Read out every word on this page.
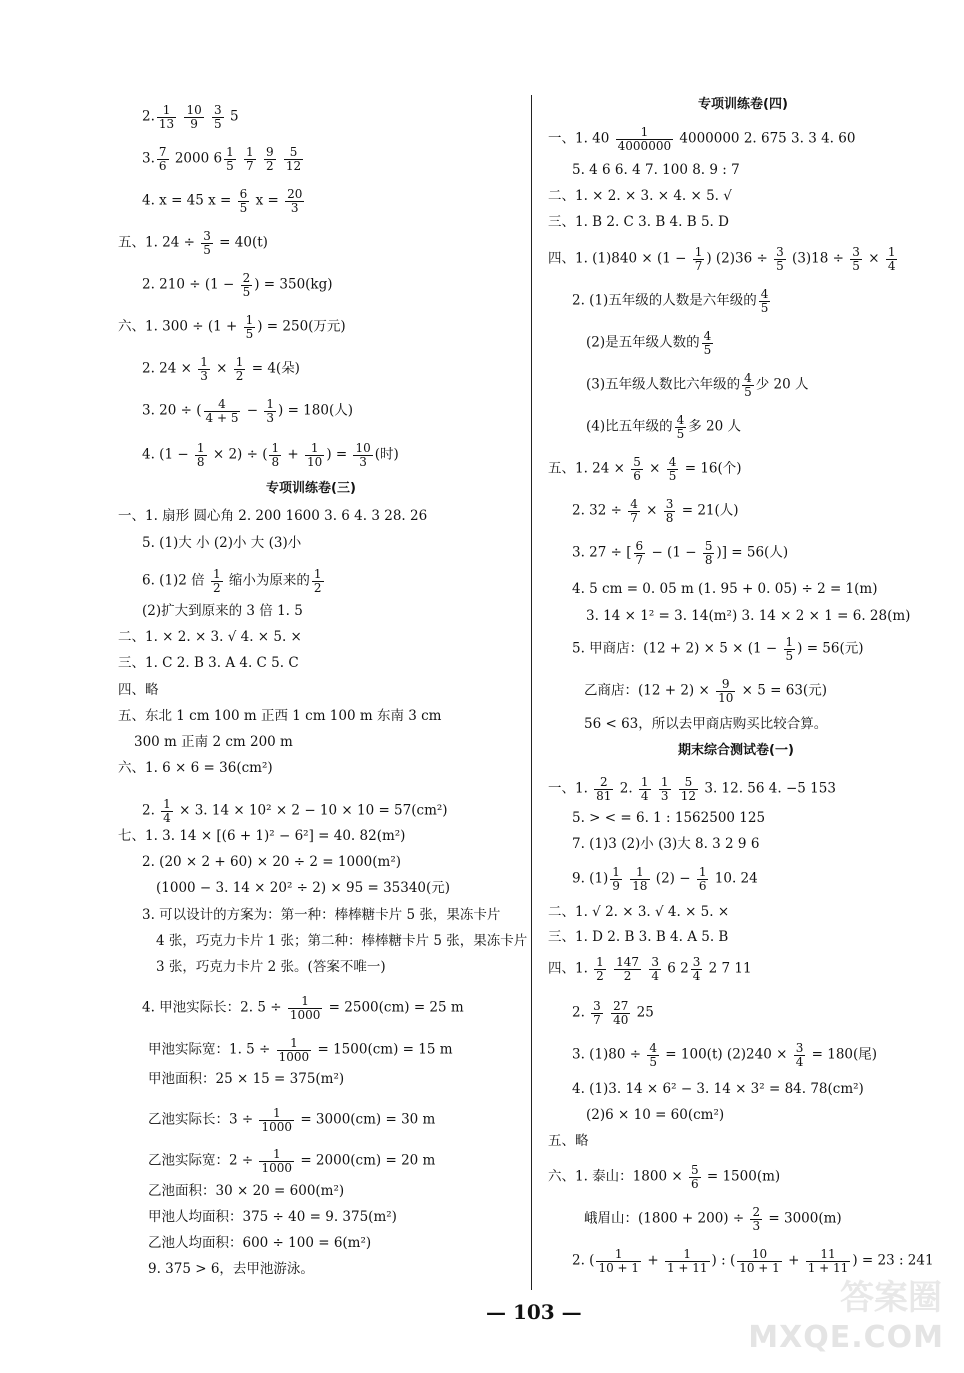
2. $\frac{1}{13}$
$\frac{10}{9}$
$\frac{3}{5} 5$
3. $\frac{7}{6} 2000$ $6 \frac{1}{5}$
$\frac{1}{7}$
$\frac{9}{2}$
$\frac{5}{12}$
4. x = 45 $x = \frac{6}{5}$ $x = \frac{20}{3}$
五、1. $24 \div \frac{3}{5} = 40(t)$
2. $210 \div (1 - \frac{2}{5}$ ) = 350(kg)
六、1. $300 \div (1 + \frac{1}{5}$ ) = 250(万元)
2. $24 \times \frac{1}{3} \times \frac{1}{2} = 4$(朵)
3. 20 ÷ ( $\frac{4}{4 + 5} - \frac{1}{3}$ ) = 180(人)
4. $(1 - \frac{1}{8} \times 2)$ ÷ ( $\frac{1}{8} + \frac{1}{10}$ ) = $\frac{10}{3}$ (时)
专项训练卷(三)
一、1. 扇形 圆心角 2. 200 1600 3. 6 4. 3 28. 26
5. (1)大 小 (2)小 大 (3)小
6. (1)2 倍 $\frac{1}{2}$ 缩小为原来的 $\frac{1}{2}$
(2)扩大到原来的 3 倍 1. 5
二、1. × 2. × 3. √ 4. × 5. ×
三、1. C 2. B 3. A 4. C 5. C
四、略
五、东北 1 cm 100 m 正西 1 cm 100 m 东南 3 cm
300 m 正南 2 cm 200 m
六、1. 6 × 6 = 36(cm²)
2. $\frac{1}{4} \times 3$. 14 × 10² × 2 − 10 × 10 = 57(cm²)
七、1. 3. 14 × [(6 + 1)² − 6²] = 40. 82(m²)
2. (20 × 2 + 60) × 20 ÷ 2 = 1000(m²)
(1000 − 3. 14 × 20² ÷ 2) × 95 = 35340(元)
3. 可以设计的方案为：第一种：棒棒糖卡片 5 张，果冻卡片
4 张，巧克力卡片 1 张；第二种：棒棒糖卡片 5 张，果冻卡片
3 张，巧克力卡片 2 张。(答案不唯一)
4. 甲池实际长：2. $5 \div \frac{1}{1000} = 2500(cm) = 25$ m
甲池实际宽：1. $5 \div \frac{1}{1000} = 1500(cm) = 15$ m
甲池面积：25 × 15 = 375(m²)
乙池实际长：$3 \div \frac{1}{1000} = 3000(cm) = 30$ m
乙池实际宽：$2 \div \frac{1}{1000} = 2000(cm) = 20$ m
乙池面积：30 × 20 = 600(m²)
甲池人均面积：375 ÷ 40 = 9. 375(m²)
乙池人均面积：600 ÷ 100 = 6(m²)
9. 375 > 6，去甲池游泳。
专项训练卷(四)
一、1. $40 \frac{1}{4000000} 4000000$ 2. 675 3. 3 4. 60
5. 4 6 6. 4 7. 100 8. 9 : 7
二、1. × 2. × 3. × 4. × 5. √
三、1. B 2. C 3. B 4. B 5. D
四、1. $(1)840 \times (1 - \frac{1}{7}$ ) $(2)36 \div \frac{3}{5} (3)18 \div \frac{3}{5} \times \frac{1}{4}$
2. (1)五年级的人数是六年级的 $\frac{4}{5}$
(2)是五年级人数的 $\frac{4}{5}$
(3)五年级人数比六年级的 $\frac{4}{5}$ 少 20 人
(4)比五年级的 $\frac{4}{5}$ 多 20 人
五、1. $24 \times \frac{5}{6} \times \frac{4}{5} = 16$(个)
2. $32 \div \frac{4}{7} \times \frac{3}{8} = 21$(人)
3. 27 ÷ [ $\frac{6}{7} - (1 - \frac{5}{8}$ )] = 56(人)
4. 5 cm = 0. 05 m (1. 95 + 0. 05) ÷ 2 = 1(m)
3. 14 × 1² = 3. 14(m²) 3. 14 × 2 × 1 = 6. 28(m)
5. 甲商店：$(12 + 2) \times 5 \times (1 - \frac{1}{5}$ ) = 56(元)
乙商店：$(12 + 2) \times \frac{9}{10} \times 5 = 63$(元)
56 < 63，所以去甲商店购买比较合算。
期末综合测试卷(一)
一、1. $\frac{2}{81} 2$. $\frac{1}{4}$
$\frac{1}{3}$
$\frac{5}{12} 3$. 12. 56 4. −5 153
5. > < = 6. 1 : 1562500 125
7. (1)3 (2)小 (3)大 8. 3 2 9 6
9. $(1) \frac{1}{9}$
$\frac{1}{18} (2) - \frac{1}{6} 10$. 24
二、1. √ 2. × 3. √ 4. × 5. ×
三、1. D 2. B 3. B 4. A 5. B
四、1. $\frac{1}{2}$
$\frac{147}{2}$
$\frac{3}{4} 6$ $2 \frac{3}{4} 2$ 7 11
2. $\frac{3}{7}$
$\frac{27}{40} 25$
3. $(1)80 \div \frac{4}{5} = 100(t) (2)240 \times \frac{3}{4} = 180$(尾)
4. (1)3. 14 × 6² − 3. 14 × 3² = 84. 78(cm²)
(2)6 × 10 = 60(cm²)
五、略
六、1. 泰山：$1800 \times \frac{5}{6} = 1500(m)$
峨眉山：$(1800 + 200) \div \frac{2}{3} = 3000(m)$
2. ( $\frac{1}{10 + 1} + \frac{1}{1 + 11}$ ) : ( $\frac{10}{10 + 1} + \frac{11}{1 + 11}$ ) = 23 : 241
— 103 —	答案圈
MXQE.COM
